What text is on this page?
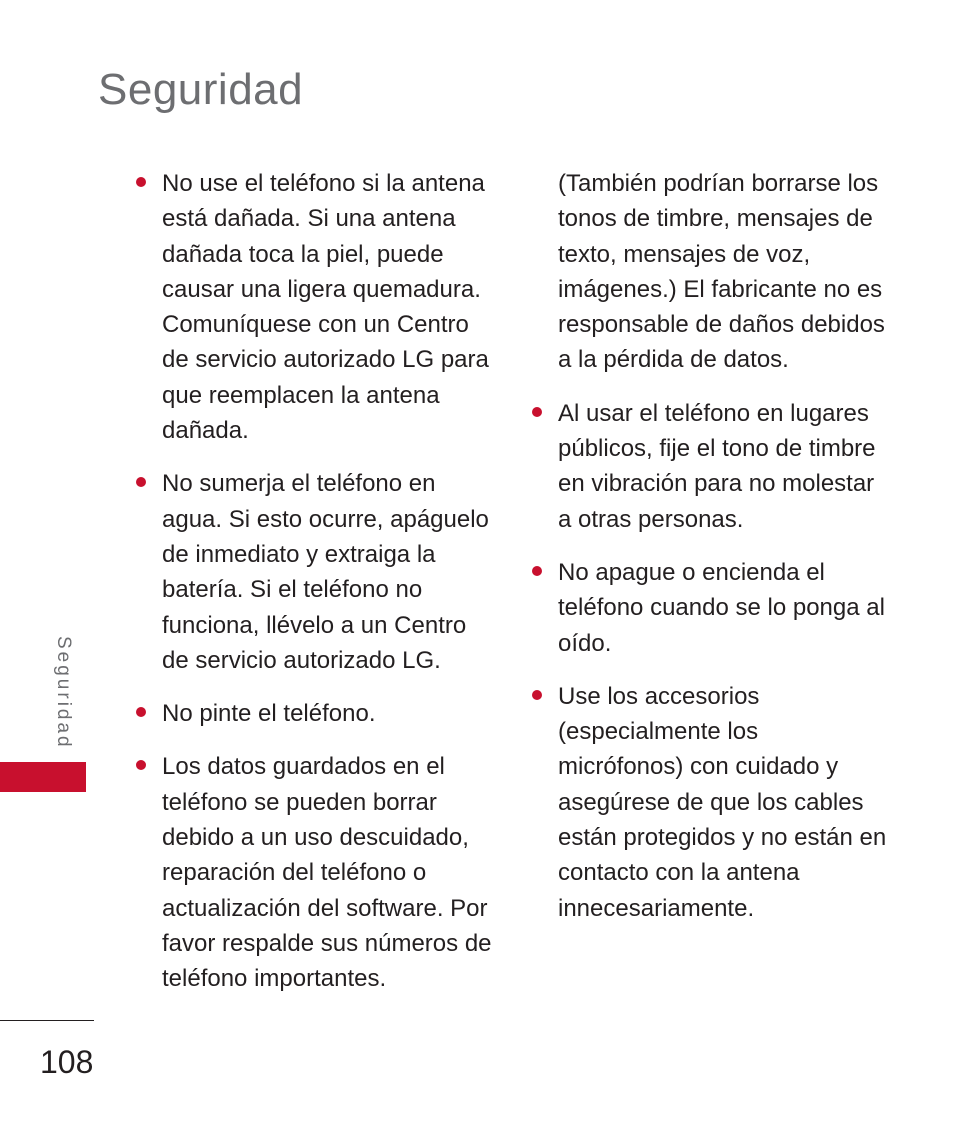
Seguridad
No use el teléfono si la antena está dañada. Si una antena dañada toca la piel, puede causar una ligera quemadura. Comuníquese con un Centro de servicio autorizado LG para que reemplacen la antena dañada.
No sumerja el teléfono en agua. Si esto ocurre, apáguelo de inmediato y extraiga la batería. Si el teléfono no funciona, llévelo a un Centro de servicio autorizado LG.
No pinte el teléfono.
Los datos guardados en el teléfono se pueden borrar debido a un uso descuidado, reparación del teléfono o actualización del software. Por favor respalde sus números de teléfono importantes.

(También podrían borrarse los tonos de timbre, mensajes de texto, mensajes de voz, imágenes.) El fabricante no es responsable de daños debidos a la pérdida de datos.

Al usar el teléfono en lugares públicos, fije el tono de timbre en vibración para no molestar a otras personas.
No apague o encienda el teléfono cuando se lo ponga al oído.
Use los accesorios (especialmente los micrófonos) con cuidado y asegúrese de que los cables están protegidos y no están en contacto con la antena innecesariamente.
Seguridad
108
